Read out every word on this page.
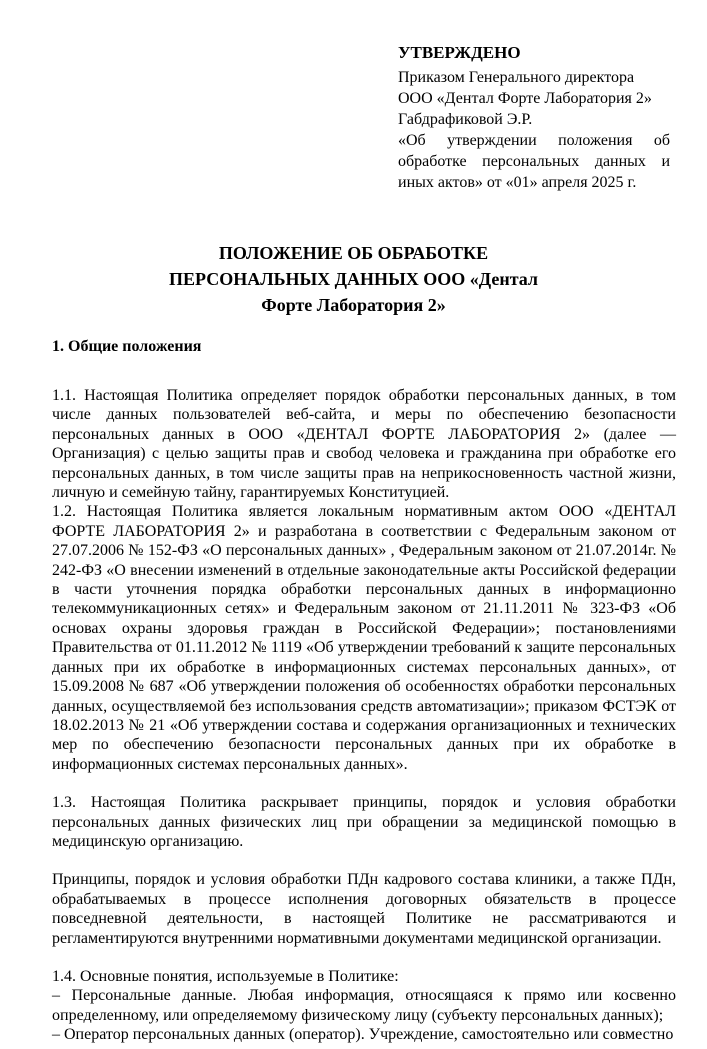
УТВЕРЖДЕНО
Приказом Генерального директора
ООО «Дентал Форте Лаборатория 2»
Габдрафиковой Э.Р.
«Об утверждении положения об
обработке персональных данных и
иных актов» от «01» апреля 2025 г.
ПОЛОЖЕНИЕ ОБ ОБРАБОТКЕ
ПЕРСОНАЛЬНЫХ ДАННЫХ ООО «Дентал
Форте Лаборатория 2»
1. Общие положения

1.1. Настоящая Политика определяет порядок обработки персональных данных, в том числе данных пользователей веб-сайта, и меры по обеспечению безопасности персональных данных в ООО «ДЕНТАЛ ФОРТЕ ЛАБОРАТОРИЯ 2» (далее — Организация) с целью защиты прав и свобод человека и гражданина при обработке его персональных данных, в том числе защиты прав на неприкосновенность частной жизни, личную и семейную тайну, гарантируемых Конституцией.

1.2. Настоящая Политика является локальным нормативным актом ООО «ДЕНТАЛ ФОРТЕ ЛАБОРАТОРИЯ 2» и разработана в соответствии с Федеральным законом от 27.07.2006 № 152-ФЗ «О персональных данных» , Федеральным законом от 21.07.2014г. № 242-ФЗ «О внесении изменений в отдельные законодательные акты Российской федерации в части уточнения порядка обработки персональных данных в информационно телекоммуникационных сетях» и Федеральным законом от 21.11.2011 № 323-ФЗ «Об основах охраны здоровья граждан в Российской Федерации»; постановлениями Правительства от 01.11.2012 № 1119 «Об утверждении требований к защите персональных данных при их обработке в информационных системах персональных данных», от 15.09.2008 № 687 «Об утверждении положения об особенностях обработки персональных данных, осуществляемой без использования средств автоматизации»; приказом ФСТЭК от 18.02.2013 № 21 «Об утверждении состава и содержания организационных и технических мер по обеспечению безопасности персональных данных при их обработке в информационных системах персональных данных».

1.3. Настоящая Политика раскрывает принципы, порядок и условия обработки персональных данных физических лиц при обращении за медицинской помощью в медицинскую организацию.

Принципы, порядок и условия обработки ПДн кадрового состава клиники, а также ПДн, обрабатываемых в процессе исполнения договорных обязательств в процессе повседневной деятельности, в настоящей Политике не рассматриваются и регламентируются внутренними нормативными документами медицинской организации.

1.4. Основные понятия, используемые в Политике:

– Персональные данные. Любая информация, относящаяся к прямо или косвенно определенному, или определяемому физическому лицу (субъекту персональных данных);

– Оператор персональных данных (оператор). Учреждение, самостоятельно или совместно
